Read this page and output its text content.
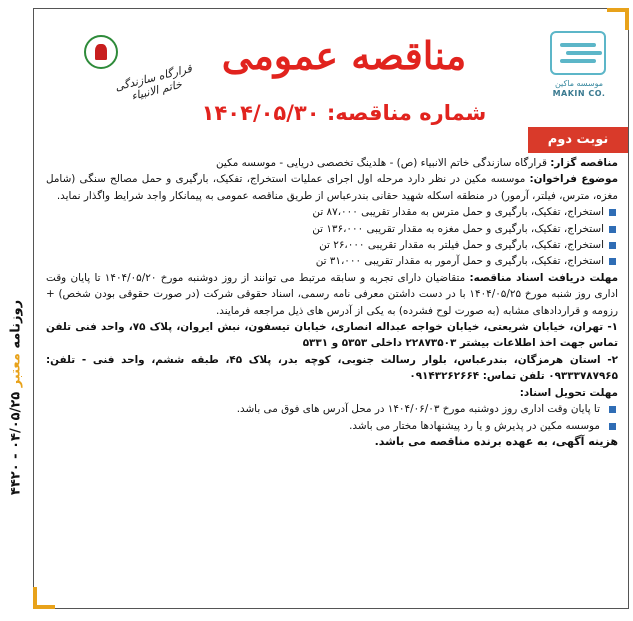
روزنامه معتبر ۰۴/۰۵/۲۵ - ۴۴۲۰
قرارگاه سازندگی خاتم الانبیاء	موسسه ماکین
MAKIN CO.
مناقصه عمومی
شماره مناقصه: ۱۴۰۴/۰۵/۳۰
نوبت دوم

مناقصه گزار: قرارگاه سازندگی خاتم الانبیاء (ص) - هلدینگ تخصصی دریایی - موسسه مکین

موضوع فراخوان: موسسه مکین در نظر دارد مرحله اول اجرای عملیات استخراج، تفکیک، بارگیری و حمل مصالح سنگی (شامل مغزه، مترس، فیلتر، آرمور) در منطقه اسکله شهید حقانی بندرعباس از طریق مناقصه عمومی به پیمانکار واجد شرایط واگذار نماید.

استخراج، تفکیک، بارگیری و حمل مترس به مقدار تقریبی ۸۷،۰۰۰ تن
استخراج، تفکیک، بارگیری و حمل مغزه به مقدار تقریبی ۱۳۶،۰۰۰ تن
استخراج، تفکیک، بارگیری و حمل فیلتر به مقدار تقریبی ۲۶،۰۰۰ تن
استخراج، تفکیک، بارگیری و حمل آرمور به مقدار تقریبی ۳۱،۰۰۰ تن

مهلت دریافت اسناد مناقصه: متقاضیان دارای تجربه و سابقه مرتبط می توانند از روز دوشنبه مورخ ۱۴۰۴/۰۵/۲۰ تا پایان وقت اداری روز شنبه مورخ ۱۴۰۴/۰۵/۲۵ با در دست داشتن معرفی نامه رسمی، اسناد حقوقی شرکت (در صورت حقوقی بودن شخص) + رزومه و قراردادهای مشابه (به صورت لوح فشرده) به یکی از آدرس های ذیل مراجعه فرمایند.

۱- تهران، خیابان شریعتی، خیابان خواجه عبداله انصاری، خیابان تیسفون، نبش ایروان، پلاک ۷۵، واحد فنی تلفن تماس جهت اخذ اطلاعات بیشتر ۲۲۸۷۳۵۰۳ داخلی ۵۳۵۳ و ۵۳۳۱

۲- استان هرمزگان، بندرعباس، بلوار رسالت جنوبی، کوچه بدر، پلاک ۴۵، طبقه ششم، واحد فنی - تلفن: ۰۹۳۳۳۷۸۷۹۶۵ تلفن تماس: ۰۹۱۴۳۲۶۲۶۶۴

مهلت تحویل اسناد:

تا پایان وقت اداری روز دوشنبه مورخ ۱۴۰۴/۰۶/۰۳ در محل آدرس های فوق می باشد.
موسسه مکین در پذیرش و یا رد پیشنهادها مختار می باشد.

هزینه آگهی، به عهده برنده مناقصه می باشد.
